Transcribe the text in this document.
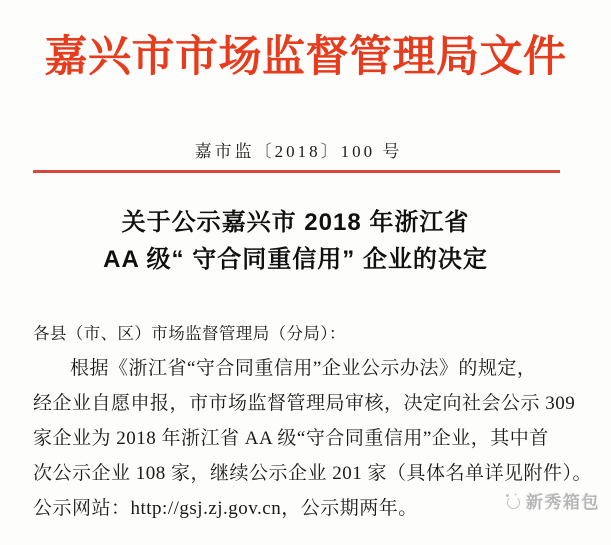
嘉兴市市场监督管理局文件
嘉市监〔2018〕100 号
关于公示嘉兴市 2018 年浙江省
AA 级“ 守合同重信用” 企业的决定

各县（市、区）市场监督管理局（分局）：

根据《浙江省“守合同重信用”企业公示办法》的规定，

经企业自愿申报，市市场监督管理局审核，决定向社会公示 309

家企业为 2018 年浙江省 AA 级“守合同重信用”企业，其中首

次公示企业 108 家，继续公示企业 201 家（具体名单详见附件）。

公示网站：http://gsj.zj.gov.cn，公示期两年。	新秀箱包
